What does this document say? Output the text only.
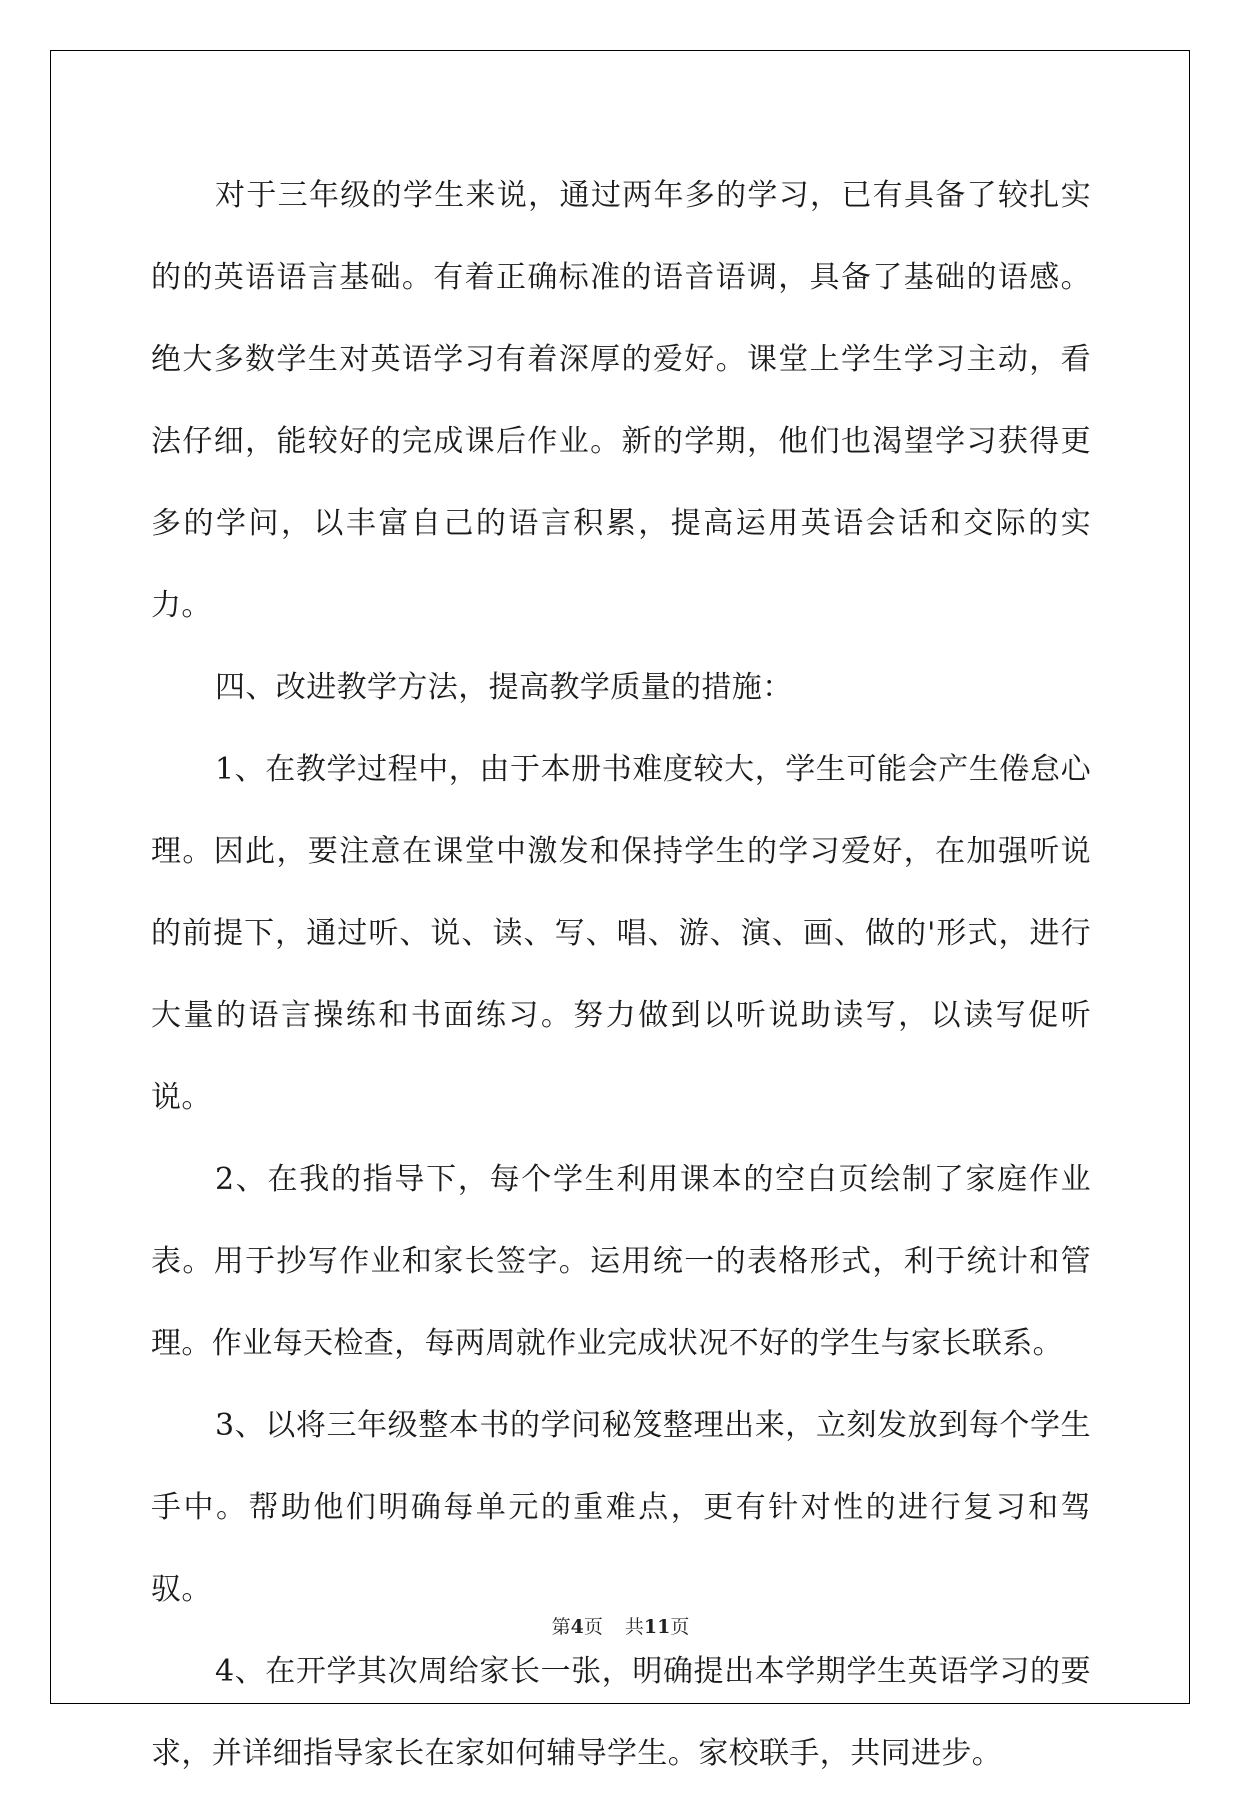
对于三年级的学生来说，通过两年多的学习，已有具备了较扎实的的英语语言基础。有着正确标准的语音语调，具备了基础的语感。绝大多数学生对英语学习有着深厚的爱好。课堂上学生学习主动，看法仔细，能较好的完成课后作业。新的学期，他们也渴望学习获得更多的学问，以丰富自己的语言积累，提高运用英语会话和交际的实力。

四、改进教学方法，提高教学质量的措施：

1、在教学过程中，由于本册书难度较大，学生可能会产生倦怠心理。因此，要注意在课堂中激发和保持学生的学习爱好，在加强听说的前提下，通过听、说、读、写、唱、游、演、画、做的'形式，进行大量的语言操练和书面练习。努力做到以听说助读写，以读写促听说。

2、在我的指导下，每个学生利用课本的空白页绘制了家庭作业表。用于抄写作业和家长签字。运用统一的表格形式，利于统计和管理。作业每天检查，每两周就作业完成状况不好的学生与家长联系。

3、以将三年级整本书的学问秘笈整理出来，立刻发放到每个学生手中。帮助他们明确每单元的重难点，更有针对性的进行复习和驾驭。

4、在开学其次周给家长一张，明确提出本学期学生英语学习的要求，并详细指导家长在家如何辅导学生。家校联手，共同进步。

第4页 共11页
